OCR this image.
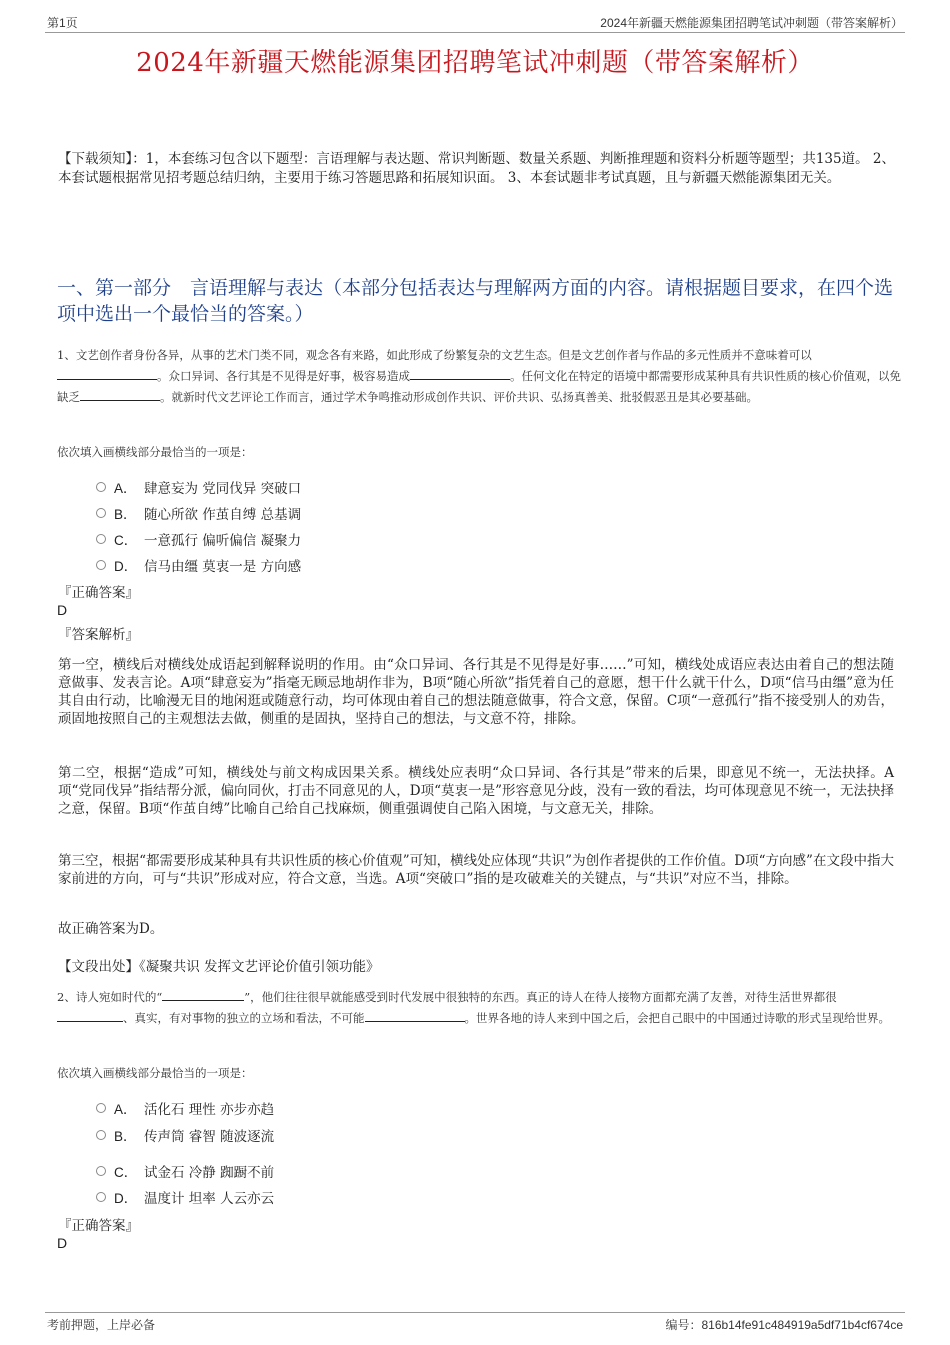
第1页	2024年新疆天燃能源集团招聘笔试冲刺题（带答案解析）
2024年新疆天燃能源集团招聘笔试冲刺题（带答案解析）
【下载须知】：1，本套练习包含以下题型：言语理解与表达题、常识判断题、数量关系题、判断推理题和资料分析题等题型；共135道。 2、本套试题根据常见招考题总结归纳，主要用于练习答题思路和拓展知识面。 3、本套试题非考试真题，且与新疆天燃能源集团无关。
一、第一部分　言语理解与表达（本部分包括表达与理解两方面的内容。请根据题目要求，在四个选项中选出一个最恰当的答案。）
1、文艺创作者身份各异，从事的艺术门类不同，观念各有来路，如此形成了纷繁复杂的文艺生态。但是文艺创作者与作品的多元性质并不意味着可以。众口异词、各行其是不见得是好事，极容易造成	。任何文化在特定的语境中都需要形成某种具有共识性质的核心价值观，以免缺乏	。就新时代文艺评论工作而言，通过学术争鸣推动形成创作共识、评价共识、弘扬真善美、批驳假恶丑是其必要基础。
依次填入画横线部分最恰当的一项是：
A． 肆意妄为 党同伐异 突破口
B． 随心所欲 作茧自缚 总基调
C． 一意孤行 偏听偏信 凝聚力
D． 信马由缰 莫衷一是 方向感
『正确答案』
D
『答案解析』
第一空，横线后对横线处成语起到解释说明的作用。由“众口异词、各行其是不见得是好事……”可知，横线处成语应表达由着自己的想法随意做事、发表言论。A项“肆意妄为”指毫无顾忌地胡作非为，B项“随心所欲”指凭着自己的意愿，想干什么就干什么，D项“信马由缰”意为任其自由行动，比喻漫无目的地闲逛或随意行动，均可体现由着自己的想法随意做事，符合文意，保留。C项“一意孤行”指不接受别人的劝告，顽固地按照自己的主观想法去做，侧重的是固执，坚持自己的想法，与文意不符，排除。
第二空，根据“造成”可知，横线处与前文构成因果关系。横线处应表明“众口异词、各行其是”带来的后果，即意见不统一，无法抉择。A项“党同伐异”指结帮分派，偏向同伙，打击不同意见的人，D项“莫衷一是”形容意见分歧，没有一致的看法，均可体现意见不统一，无法抉择之意，保留。B项“作茧自缚”比喻自己给自己找麻烦，侧重强调使自己陷入困境，与文意无关，排除。
第三空，根据“都需要形成某种具有共识性质的核心价值观”可知，横线处应体现“共识”为创作者提供的工作价值。D项“方向感”在文段中指大家前进的方向，可与“共识”形成对应，符合文意，当选。A项“突破口”指的是攻破难关的关键点，与“共识”对应不当，排除。
故正确答案为D。
【文段出处】《凝聚共识 发挥文艺评论价值引领功能》
2、诗人宛如时代的“	”，他们往往很早就能感受到时代发展中很独特的东西。真正的诗人在待人接物方面都充满了友善，对待生活世界都很、真实，有对事物的独立的立场和看法，不可能	。世界各地的诗人来到中国之后，会把自己眼中的中国通过诗歌的形式呈现给世界。
依次填入画横线部分最恰当的一项是：
A． 活化石 理性 亦步亦趋
B． 传声筒 睿智 随波逐流
C． 试金石 冷静 踟蹰不前
D． 温度计 坦率 人云亦云
『正确答案』
D
考前押题，上岸必备	编号：816b14fe91c484919a5df71b4cf674ce
